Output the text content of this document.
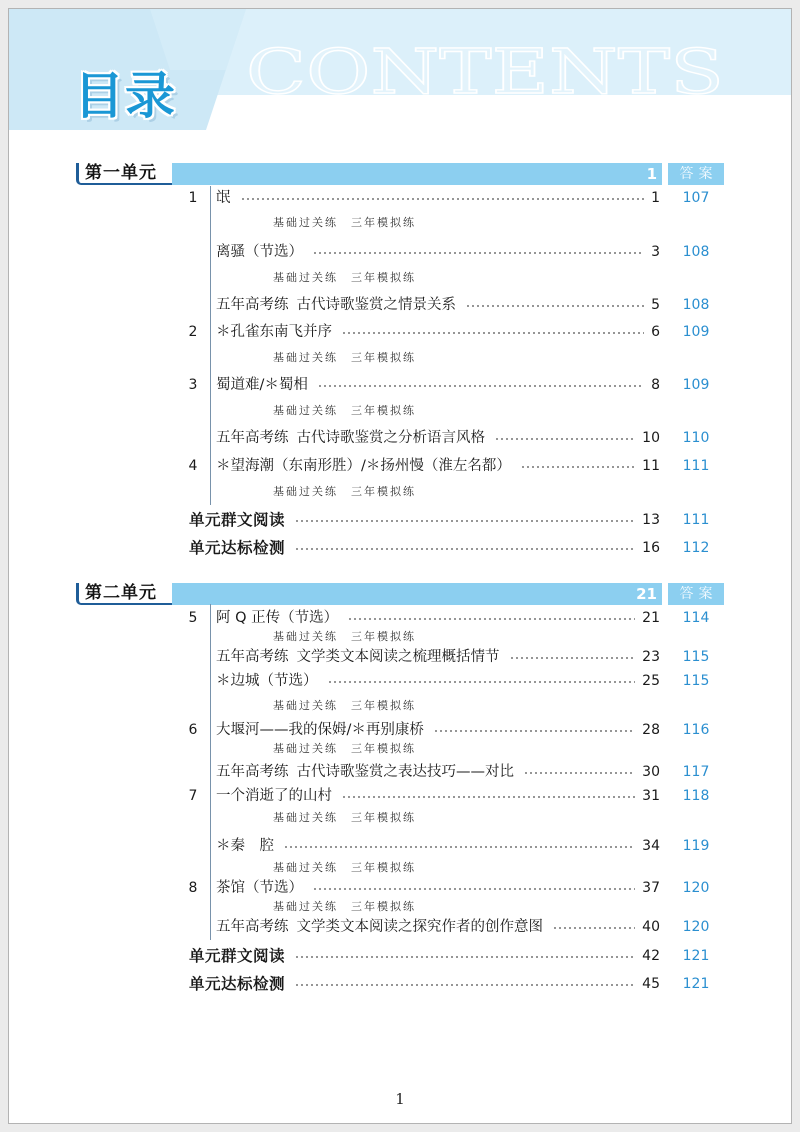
CONTENTS
目录
第一单元	1	答案
1 氓	1	107
基础过关练 三年模拟练
离骚（节选）	3	108
基础过关练 三年模拟练
五年高考练 古代诗歌鉴赏之情景关系	5	108
2 ＊孔雀东南飞并序	6	109
基础过关练 三年模拟练
3 蜀道难/＊蜀相	8	109
基础过关练 三年模拟练
五年高考练 古代诗歌鉴赏之分析语言风格	10	110
4 ＊望海潮（东南形胜）/＊扬州慢（淮左名都）	11	111
基础过关练 三年模拟练
单元群文阅读	13	111
单元达标检测	16	112
第二单元	21	答案
5 阿 Q 正传（节选）	21	114
基础过关练 三年模拟练
五年高考练 文学类文本阅读之梳理概括情节	23	115
＊边城（节选）	25	115
基础过关练 三年模拟练
6 大堰河——我的保姆/＊再别康桥	28	116
基础过关练 三年模拟练
五年高考练 古代诗歌鉴赏之表达技巧——对比	30	117
7 一个消逝了的山村	31	118
基础过关练 三年模拟练
＊秦　腔	34	119
基础过关练 三年模拟练
8 茶馆（节选）	37	120
基础过关练 三年模拟练
五年高考练 文学类文本阅读之探究作者的创作意图	40	120
单元群文阅读	42	121
单元达标检测	45	121
1
